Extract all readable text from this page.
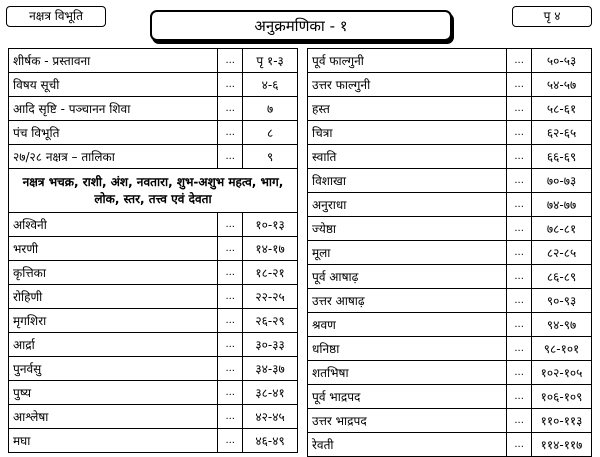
नक्षत्र विभूति
अनुक्रमणिका - १
पृ ४
शीर्षक - प्रस्तावना	...	पृ १-३
विषय सूची	...	४-६
आदि सृष्टि - पञ्चानन शिवा	...	७
पंच विभूति	...	८
२७/२८ नक्षत्र – तालिका	...	९
नक्षत्र भचक्र, राशी, अंश, नवतारा, शुभ-अशुभ महत्व, भाग, लोक, स्तर, तत्त्व एवं देवता		
अश्विनी	...	१०-१३
भरणी	...	१४-१७
कृत्तिका	...	१८-२१
रोहिणी	...	२२-२५
मृगशिरा	...	२६-२९
आर्द्रा	...	३०-३३
पुनर्वसु	...	३४-३७
पुष्य	...	३८-४१
आश्लेषा	...	४२-४५
मघा	...	४६-४९
पूर्व फाल्गुनी	...	५०-५३
उत्तर फाल्गुनी	...	५४-५७
हस्त	...	५८-६१
चित्रा	...	६२-६५
स्वाति	...	६६-६९
विशाखा	...	७०-७३
अनुराधा	...	७४-७७
ज्येष्ठा	...	७८-८१
मूला	...	८२-८५
पूर्व आषाढ़	...	८६-८९
उत्तर आषाढ़	...	९०-९३
श्रवण	...	९४-९७
धनिष्ठा	...	९८-१०१
शतभिषा	...	१०२-१०५
पूर्व भाद्रपद	...	१०६-१०९
उत्तर भाद्रपद	...	११०-११३
रेवती	...	११४-११७
